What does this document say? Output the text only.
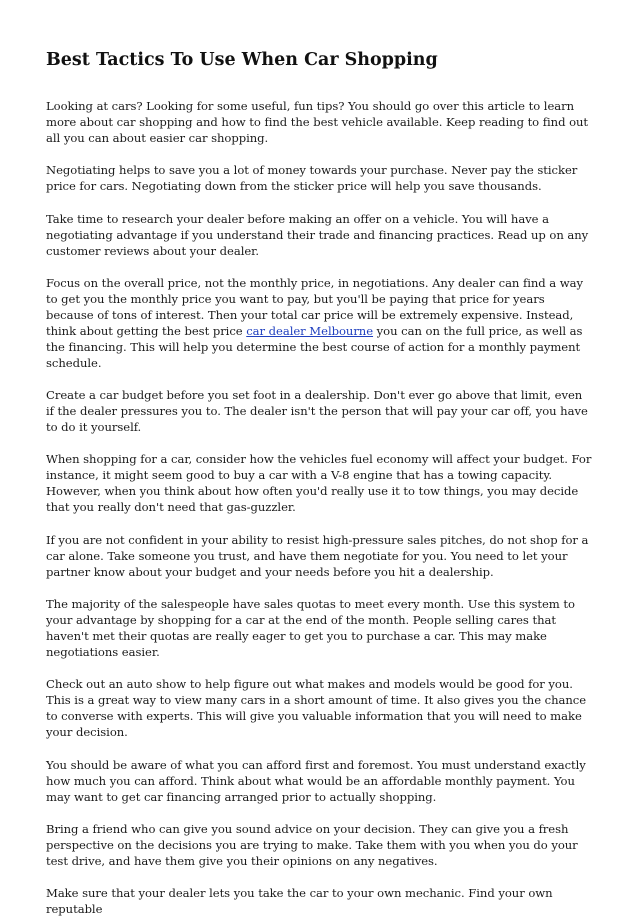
Best Tactics To Use When Car Shopping

Looking at cars? Looking for some useful, fun tips? You should go over this article to learn more about car shopping and how to find the best vehicle available. Keep reading to find out all you can about easier car shopping.

Negotiating helps to save you a lot of money towards your purchase. Never pay the sticker price for cars. Negotiating down from the sticker price will help you save thousands.

Take time to research your dealer before making an offer on a vehicle. You will have a negotiating advantage if you understand their trade and financing practices. Read up on any customer reviews about your dealer.

Focus on the overall price, not the monthly price, in negotiations. Any dealer can find a way to get you the monthly price you want to pay, but you'll be paying that price for years because of tons of interest. Then your total car price will be extremely expensive. Instead, think about getting the best price car dealer Melbourne you can on the full price, as well as the financing. This will help you determine the best course of action for a monthly payment schedule.

Create a car budget before you set foot in a dealership. Don't ever go above that limit, even if the dealer pressures you to. The dealer isn't the person that will pay your car off, you have to do it yourself.

When shopping for a car, consider how the vehicles fuel economy will affect your budget. For instance, it might seem good to buy a car with a V-8 engine that has a towing capacity. However, when you think about how often you'd really use it to tow things, you may decide that you really don't need that gas-guzzler.

If you are not confident in your ability to resist high-pressure sales pitches, do not shop for a car alone. Take someone you trust, and have them negotiate for you. You need to let your partner know about your budget and your needs before you hit a dealership.

The majority of the salespeople have sales quotas to meet every month. Use this system to your advantage by shopping for a car at the end of the month. People selling cares that haven't met their quotas are really eager to get you to purchase a car. This may make negotiations easier.

Check out an auto show to help figure out what makes and models would be good for you. This is a great way to view many cars in a short amount of time. It also gives you the chance to converse with experts. This will give you valuable information that you will need to make your decision.

You should be aware of what you can afford first and foremost. You must understand exactly how much you can afford. Think about what would be an affordable monthly payment. You may want to get car financing arranged prior to actually shopping.

Bring a friend who can give you sound advice on your decision. They can give you a fresh perspective on the decisions you are trying to make. Take them with you when you do your test drive, and have them give you their opinions on any negatives.

Make sure that your dealer lets you take the car to your own mechanic. Find your own reputable
